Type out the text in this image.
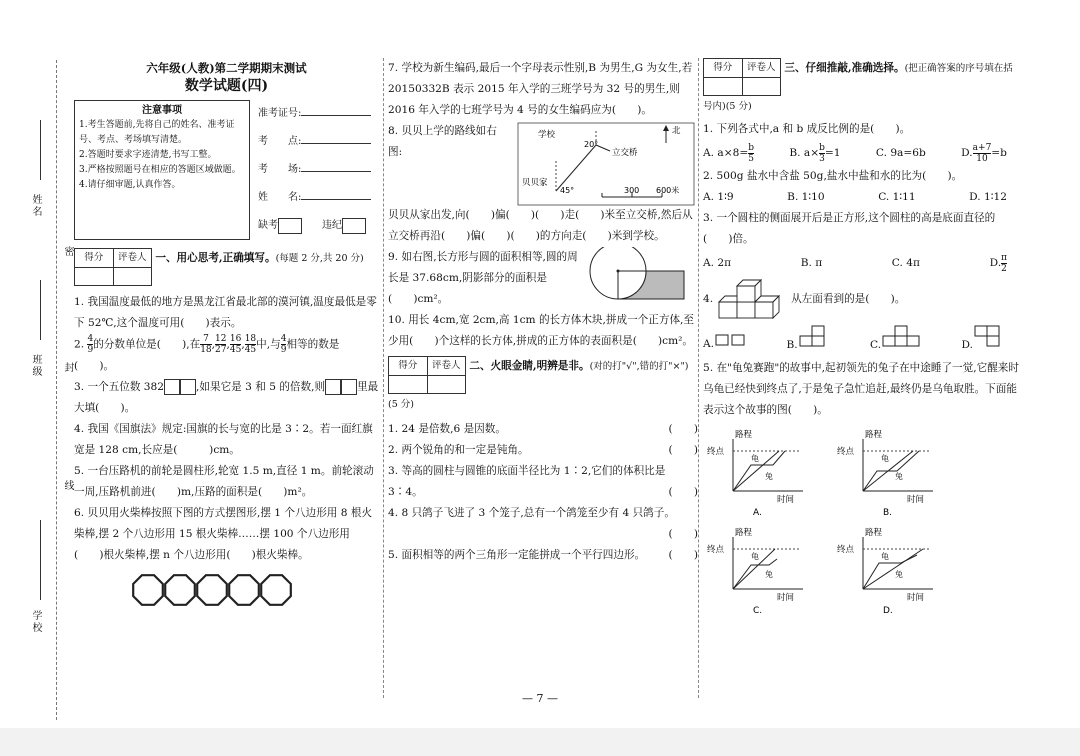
姓名
班级
学校
密
封
线
六年级(人教)第二学期期末测试
数学试题(四)
注意事项
1.考生答题前,先将自己的姓名、准考证号、考点、考场填写清楚。
2.答题时要求字迹清楚,书写工整。
3.严格按照题号在相应的答题区域做题。
4.请仔细审题,认真作答。
准考证号:
考　　点:
考　　场:
姓　　名:
缺考　　	违纪
得分	评卷人 一、用心思考,正确填写。(每题 2 分,共 20 分)

1. 我国温度最低的地方是黑龙江省最北部的漠河镇,温度最低是零下 52℃,这个温度可用(　　)表示。

2. $\frac{4}{9}$ 的分数单位是(　　),在 $\frac{7}{18}$ , $\frac{12}{27}$ , $\frac{16}{45}$ , $\frac{18}{45}$ 中,与 $\frac{4}{9}$ 相等的数是(　　)。

3. 一个五位数 382	,如果它是 3 和 5 的倍数,则	里最大填(　　)。

4. 我国《国旗法》规定:国旗的长与宽的比是 3∶2。若一面红旗宽是 128 cm,长应是(　　　)cm。

5. 一台压路机的前轮是圆柱形,轮宽 1.5 m,直径 1 m。前轮滚动一周,压路机前进(　　)m,压路的面积是(　　)m²。

6. 贝贝用火柴棒按照下图的方式摆图形,摆 1 个八边形用 8 根火柴棒,摆 2 个八边形用 15 根火柴棒……摆 100 个八边形用(　　)根火柴棒,摆 n 个八边形用(　　)根火柴棒。

7. 学校为新生编码,最后一个字母表示性别,B 为男生,G 为女生,若 20150332B 表示 2015 年入学的三班学号为 32 号的男生,则 2016 年入学的七班学号为 4 号的女生编码应为(　　)。

8. 贝贝上学的路线如右图:

学校
立交桥
贝贝家
北
20°
45°	300 600米

贝贝从家出发,向(　　)偏(　　)(　　)走(　　)米至立交桥,然后从立交桥再沿(　　)偏(　　)(　　)的方向走(　　)米到学校。

9. 如右图,长方形与圆的面积相等,圆的周长是 37.68cm,阴影部分的面积是(　　)cm²。

10. 用长 4cm,宽 2cm,高 1cm 的长方体木块,拼成一个正方体,至少用(　　)个这样的长方体,拼成的正方体的表面积是(　　)cm²。

得分	评卷人 二、火眼金睛,明辨是非。(对的打"√",错的打"×")(5 分)

1. 24 是倍数,6 是因数。	(　　)

2. 两个锐角的和一定是钝角。	(　　)

3. 等高的圆柱与圆锥的底面半径比为 1∶2,它们的体积比是 3∶4。	(　　)

4. 8 只鸽子飞进了 3 个笼子,总有一个鸽笼至少有 4 只鸽子。

(　　)

5. 面积相等的两个三角形一定能拼成一个平行四边形。 (　　)

得分	评卷人 三、仔细推敲,准确选择。(把正确答案的序号填在括号内)(5 分)

1. 下列各式中,a 和 b 成反比例的是(　　)。

A. $a\times 8= \frac{b}{5}$	B. $a\times \frac{b}{3} =1$	C. 9a=6b	D. $\frac{a+7}{10} =b$

2. 500g 盐水中含盐 50g,盐水中盐和水的比为(　　)。

A. 1∶9	B. 1∶10	C. 1∶11	D. 1∶12

3. 一个圆柱的侧面展开后是正方形,这个圆柱的高是底面直径的(　　)倍。

A. 2π	B. π	C. 4π	D. $\frac{\pi}{2}$
4.	从左面看到的是(　　)。
A.	B.	C.	D.

5. 在"龟兔赛跑"的故事中,起初领先的兔子在中途睡了一觉,它醒来时乌龟已经快到终点了,于是兔子急忙追赶,最终仍是乌龟取胜。下面能表示这个故事的图(　　)。

路程
终点
时间
兔
龟
A.
路程
终点
时间
兔
龟
B.
路程
终点
时间
兔
龟
C.
路程
终点
时间
兔
龟
D.
— 7 —
